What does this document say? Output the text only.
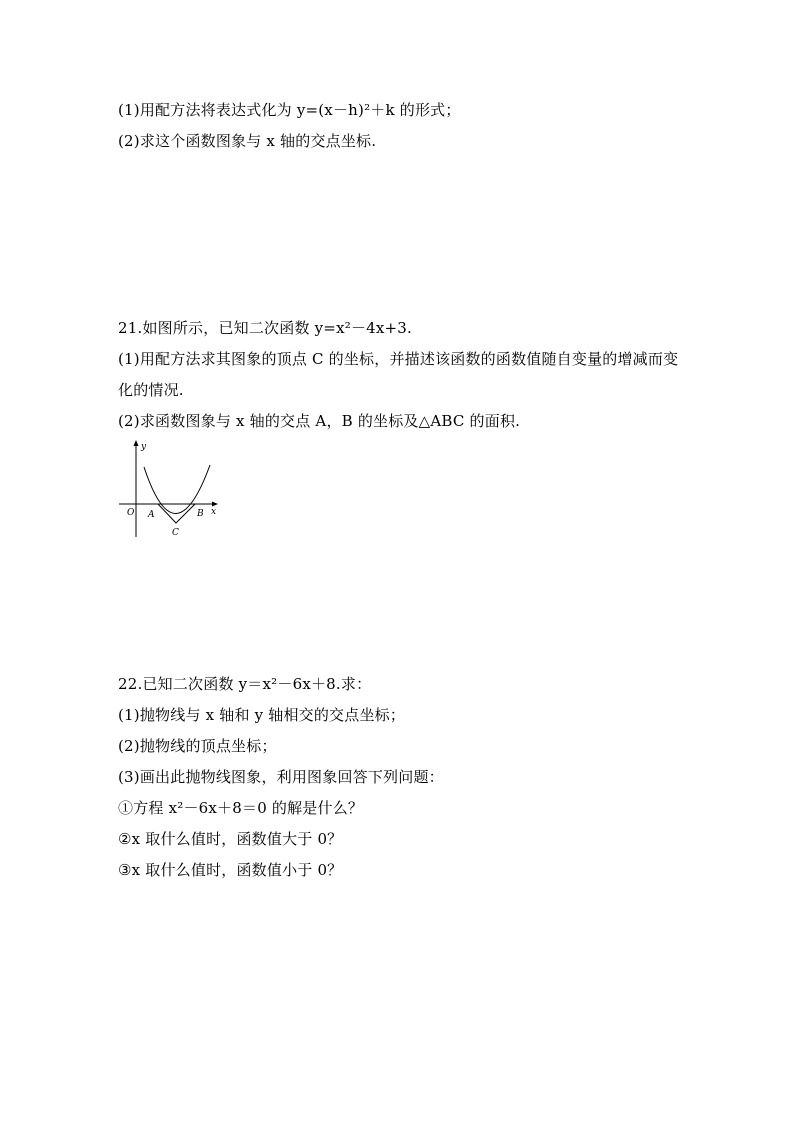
(1)用配方法将表达式化为 y=(x－h)²＋k 的形式；
(2)求这个函数图象与 x 轴的交点坐标.
21.如图所示，已知二次函数 y=x²－4x+3.
(1)用配方法求其图象的顶点 C 的坐标，并描述该函数的函数值随自变量的增减而变
化的情况.
(2)求函数图象与 x 轴的交点 A，B 的坐标及△ABC 的面积.
y
x
O A	B
C
22.已知二次函数 y＝x²－6x＋8.求：
(1)抛物线与 x 轴和 y 轴相交的交点坐标；
(2)抛物线的顶点坐标；
(3)画出此抛物线图象，利用图象回答下列问题：
①方程 x²－6x＋8＝0 的解是什么？
②x 取什么值时，函数值大于 0？
③x 取什么值时，函数值小于 0？
